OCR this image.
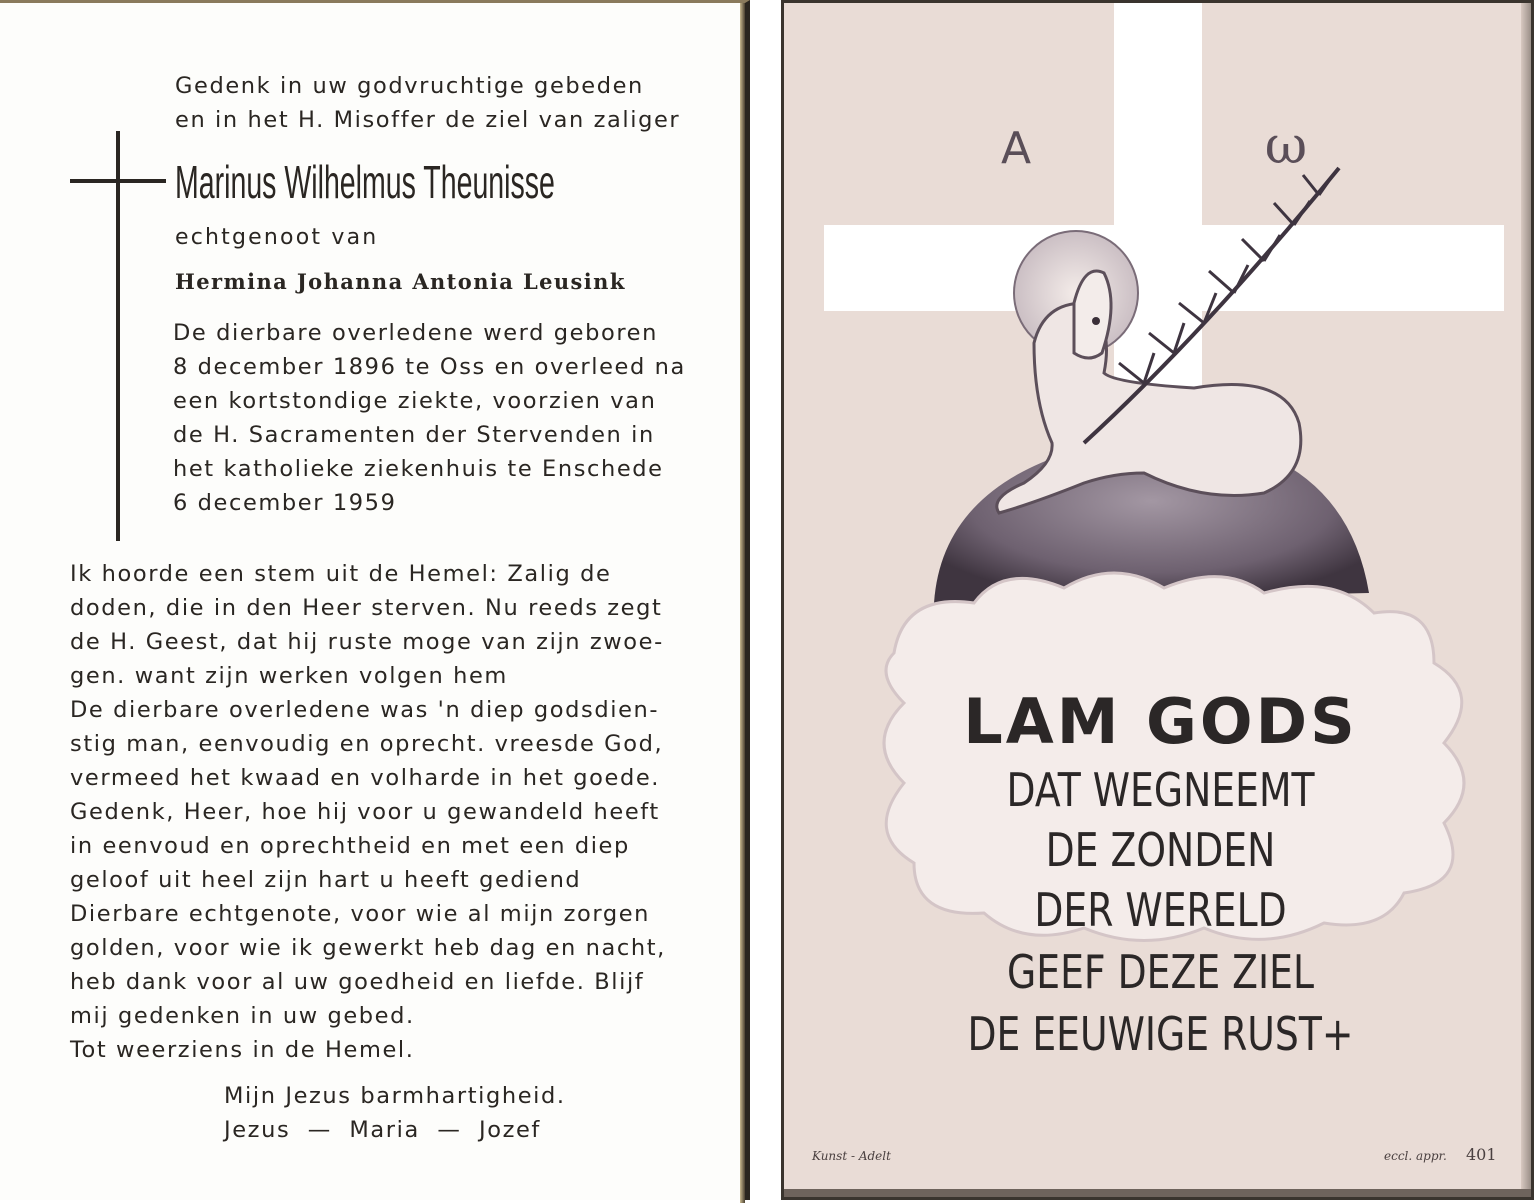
Gedenk in uw godvruchtige gebeden
en in het H. Misoffer de ziel van zaliger
Marinus Wilhelmus Theunisse
echtgenoot van
Hermina Johanna Antonia Leusink
De dierbare overledene werd geboren
8 december 1896 te Oss en overleed na
een kortstondige ziekte, voorzien van
de H. Sacramenten der Stervenden in
het katholieke ziekenhuis te Enschede
6 december 1959
Ik hoorde een stem uit de Hemel: Zalig de
doden, die in den Heer sterven. Nu reeds zegt
de H. Geest, dat hij ruste moge van zijn zwoe-
gen. want zijn werken volgen hem
De dierbare overledene was 'n diep godsdien-
stig man, eenvoudig en oprecht. vreesde God,
vermeed het kwaad en volharde in het goede.
Gedenk, Heer, hoe hij voor u gewandeld heeft
in eenvoud en oprechtheid en met een diep
geloof uit heel zijn hart u heeft gediend
Dierbare echtgenote, voor wie al mijn zorgen
golden, voor wie ik gewerkt heb dag en nacht,
heb dank voor al uw goedheid en liefde. Blijf
mij gedenken in uw gebed.
Tot weerziens in de Hemel.
Mijn Jezus barmhartigheid.
Jezus  —  Maria  —  Jozef
A	ω
LAM GODS
DAT WEGNEEMT
DE ZONDEN
DER WERELD
GEEF DEZE ZIEL
DE EEUWIGE RUST+
Kunst - Adelt	eccl. appr. 401
